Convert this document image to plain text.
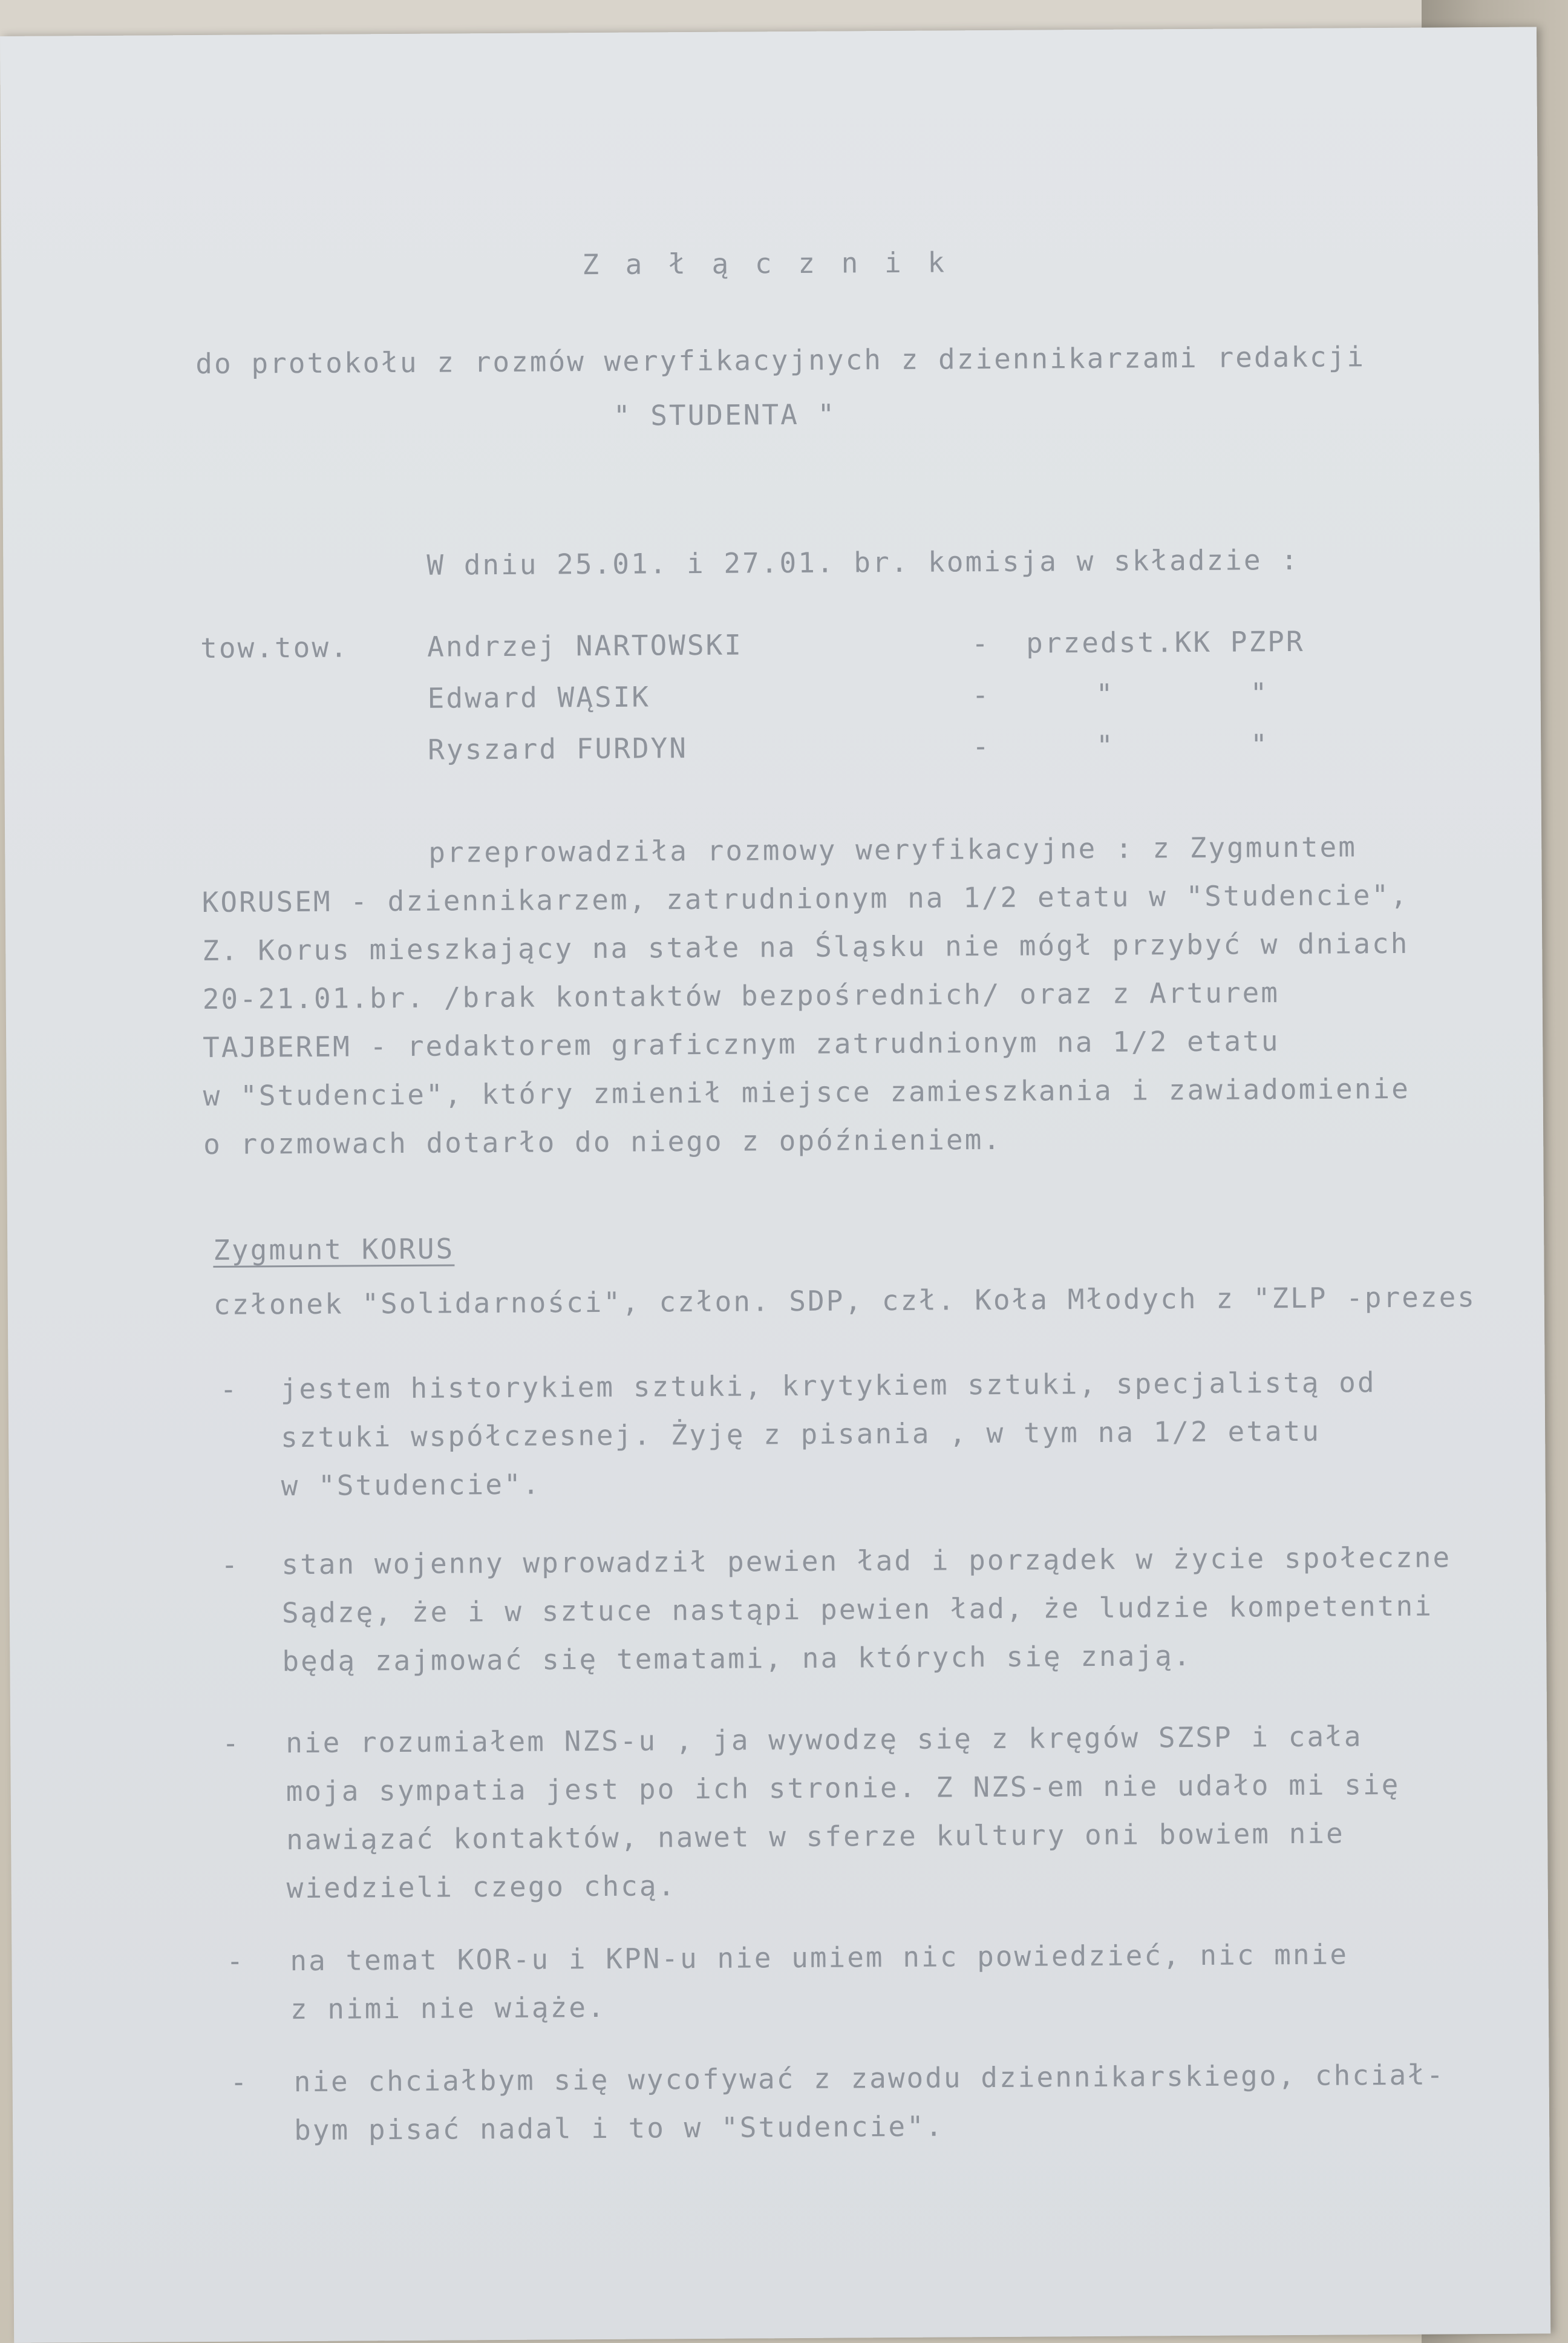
Z a ł ą c z n i k
do protokołu z rozmów weryfikacyjnych z dziennikarzami redakcji
" STUDENTA "
W dniu 25.01. i 27.01. br. komisja w składzie :
tow.tow.	Andrzej NARTOWSKI	- przedst.KK PZPR
Edward WĄSIK	-	"	"
Ryszard FURDYN	-	"	"
przeprowadziła rozmowy weryfikacyjne : z Zygmuntem
KORUSEM - dziennikarzem, zatrudnionym na 1/2 etatu w "Studencie",
Z. Korus mieszkający na stałe na Śląsku nie mógł przybyć w dniach
20-21.01.br. /brak kontaktów bezpośrednich/ oraz z Arturem
TAJBEREM - redaktorem graficznym zatrudnionym na 1/2 etatu
w "Studencie", który zmienił miejsce zamieszkania i zawiadomienie
o rozmowach dotarło do niego z opóźnieniem.
Zygmunt KORUS
członek "Solidarności", człon. SDP, czł. Koła Młodych z "ZLP -prezes
- jestem historykiem sztuki, krytykiem sztuki, specjalistą od
sztuki współczesnej. Żyję z pisania , w tym na 1/2 etatu
w "Studencie".
- stan wojenny wprowadził pewien ład i porządek w życie społeczne
Sądzę, że i w sztuce nastąpi pewien ład, że ludzie kompetentni
będą zajmować się tematami, na których się znają.
- nie rozumiałem NZS-u , ja wywodzę się z kręgów SZSP i cała
moja sympatia jest po ich stronie. Z NZS-em nie udało mi się
nawiązać kontaktów, nawet w sferze kultury oni bowiem nie
wiedzieli czego chcą.
- na temat KOR-u i KPN-u nie umiem nic powiedzieć, nic mnie
z nimi nie wiąże.
- nie chciałbym się wycofywać z zawodu dziennikarskiego, chciał-
bym pisać nadal i to w "Studencie".
